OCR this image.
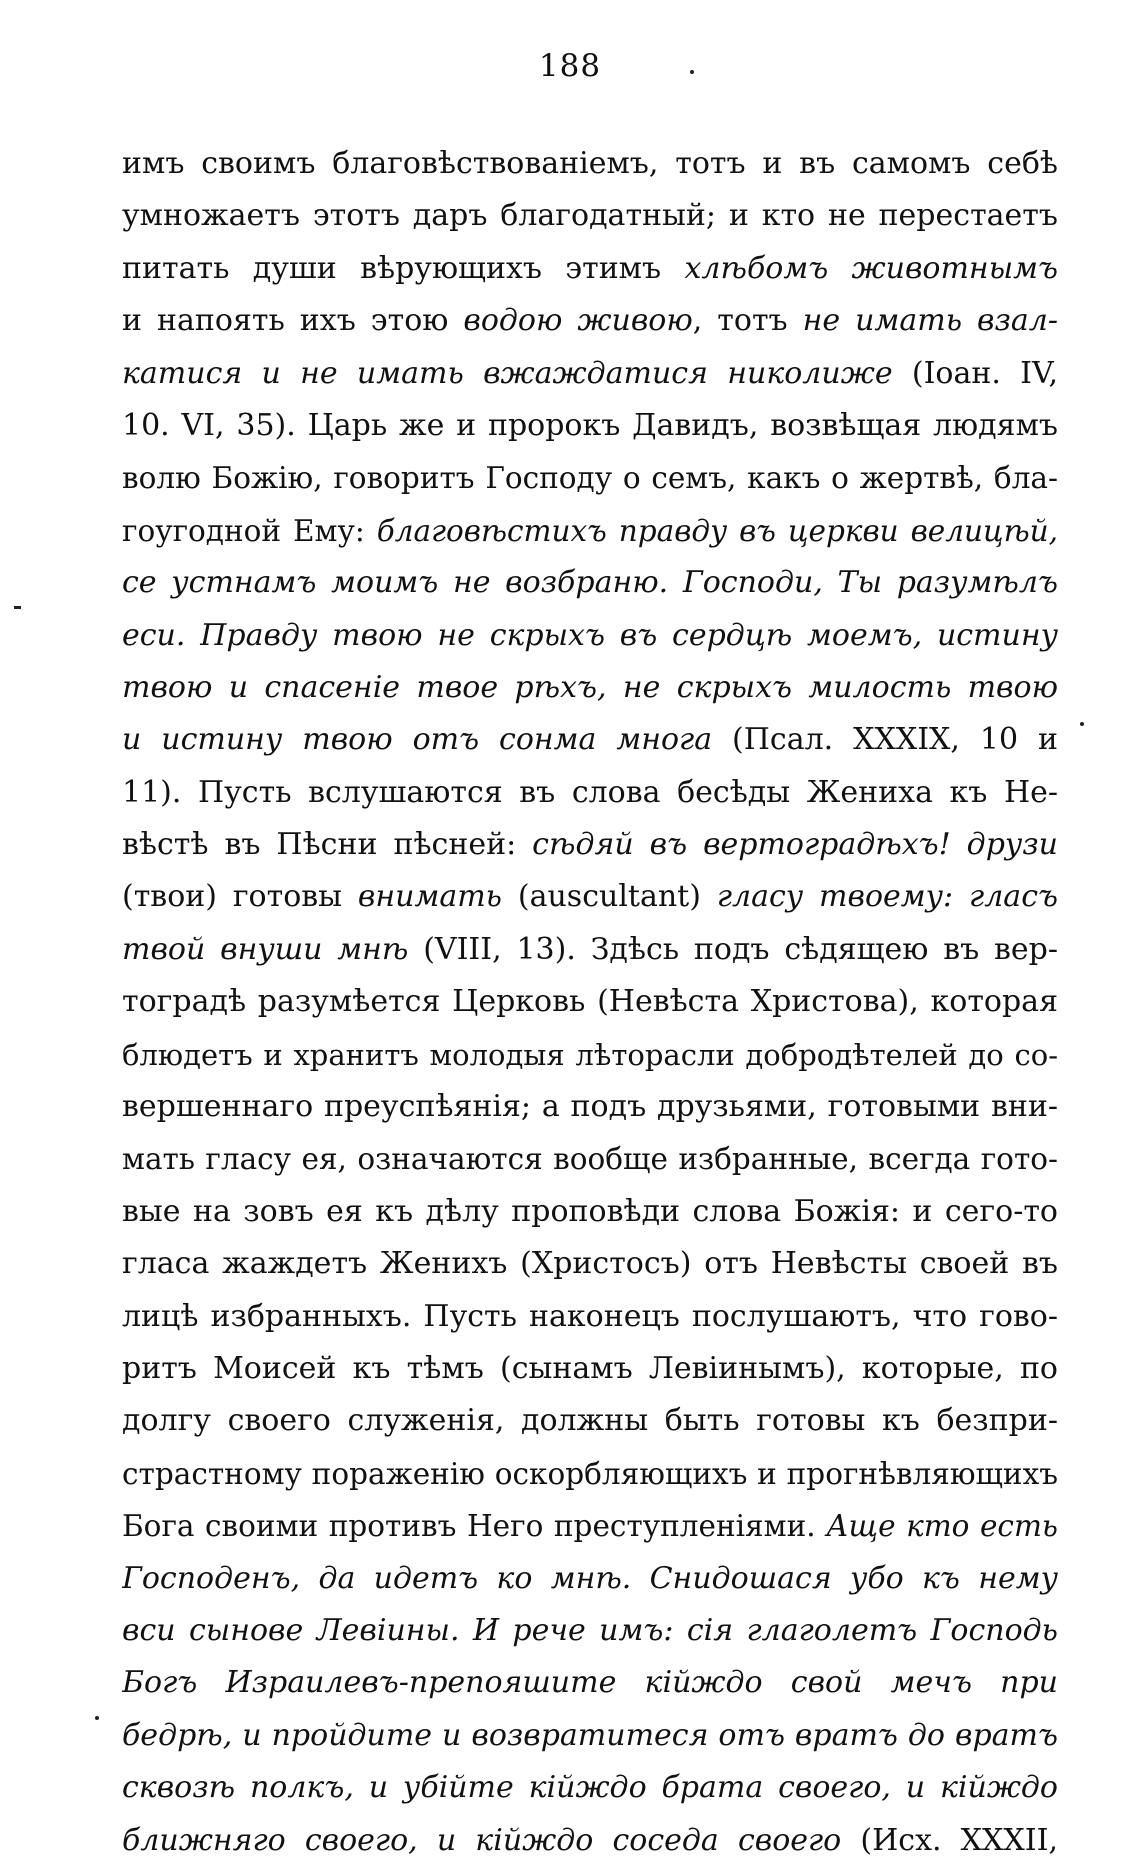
188
имъ своимъ благовѣствованіемъ, тотъ и въ самомъ себѣ
умножаетъ этотъ даръ благодатный; и кто не перестаетъ
питать души вѣрующихъ этимъ хлѣбомъ животнымъ
и напоять ихъ этою водою живою, тотъ не имать взал-
катися и не имать вжаждатися николиже (Іоан. IV,
10. VI, 35). Царь же и пророкъ Давидъ, возвѣщая людямъ
волю Божію, говоритъ Господу о семъ, какъ о жертвѣ, бла-
гоугодной Ему: благовѣстихъ правду въ церкви велицѣй,
се устнамъ моимъ не возбраню. Господи, Ты разумѣлъ
еси. Правду твою не скрыхъ въ сердцѣ моемъ, истину
твою и спасеніе твое рѣхъ, не скрыхъ милость твою
и истину твою отъ сонма многа (Псал. XXXIX, 10 и
11). Пусть вслушаются въ слова бесѣды Жениха къ Не-
вѣстѣ въ Пѣсни пѣсней: сѣдяй въ вертоградѣхъ! друзи
(твои) готовы внимать (auscultant) гласу твоему: гласъ
твой внуши мнѣ (VIII, 13). Здѣсь подъ сѣдящею въ вер-
тоградѣ разумѣется Церковь (Невѣста Христова), которая
блюдетъ и хранитъ молодыя лѣторасли добродѣтелей до со-
вершеннаго преуспѣянія; а подъ друзьями, готовыми вни-
мать гласу ея, означаются вообще избранные, всегда гото-
вые на зовъ ея къ дѣлу проповѣди слова Божія: и сего-то
гласа жаждетъ Женихъ (Христосъ) отъ Невѣсты своей въ
лицѣ избранныхъ. Пусть наконецъ послушаютъ, что гово-
ритъ Моисей къ тѣмъ (сынамъ Левіинымъ), которые, по
долгу своего служенія, должны быть готовы къ безпри-
страстному пораженію оскорбляющихъ и прогнѣвляющихъ
Бога своими противъ Него преступленіями. Аще кто есть
Господенъ, да идетъ ко мнѣ. Снидошася убо къ нему
вси сынове Левіины. И рече имъ: сія глаголетъ Господь
Богъ Израилевъ-препояшите кійждо свой мечъ при
бедрѣ, и пройдите и возвратитеся отъ вратъ до вратъ
сквозѣ полкъ, и убійте кійждо брата своего, и кійждо
ближняго своего, и кійждо соседа своего (Исх. XXXII,
